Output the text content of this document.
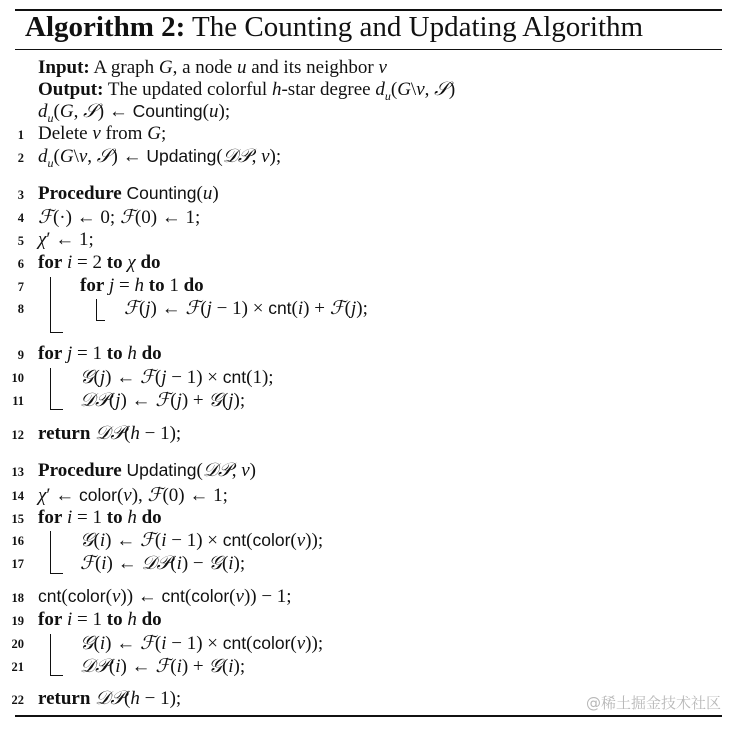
Algorithm 2: The Counting and Updating Algorithm
Input: A graph G, a node u and its neighbor v
Output: The updated colorful h-star degree $d_u(G\backslash v$, 𝒮)
$d_u(G$, 𝒮) ← Counting(u);
1 Delete v from G;
2 $d_u(G\backslash v$, 𝒮) ← Updating(𝒟𝒫, v);
3 Procedure Counting(u)
4 ℱ(·) ← 0; ℱ(0) ← 1;
5 χ′ ← 1;
6 for i = 2 to χ do
7	for j = h to 1 do
8	ℱ(j) ← ℱ(j − 1) × cnt(i) + ℱ(j);
9 for j = 1 to h do
10	𝒢(j) ← ℱ(j − 1) × cnt(1);
11	𝒟𝒫(j) ← ℱ(j) + 𝒢(j);
12 return 𝒟𝒫(h − 1);
13 Procedure Updating(𝒟𝒫, v)
14 χ′ ← color(v), ℱ(0) ← 1;
15 for i = 1 to h do
16	𝒢(i) ← ℱ(i − 1) × cnt(color(v));
17	ℱ(i) ← 𝒟𝒫(i) − 𝒢(i);
18 cnt(color(v)) ← cnt(color(v)) − 1;
19 for i = 1 to h do
20	𝒢(i) ← ℱ(i − 1) × cnt(color(v));
21	𝒟𝒫(i) ← ℱ(i) + 𝒢(i);
22 return 𝒟𝒫(h − 1);	@稀土掘金技术社区
